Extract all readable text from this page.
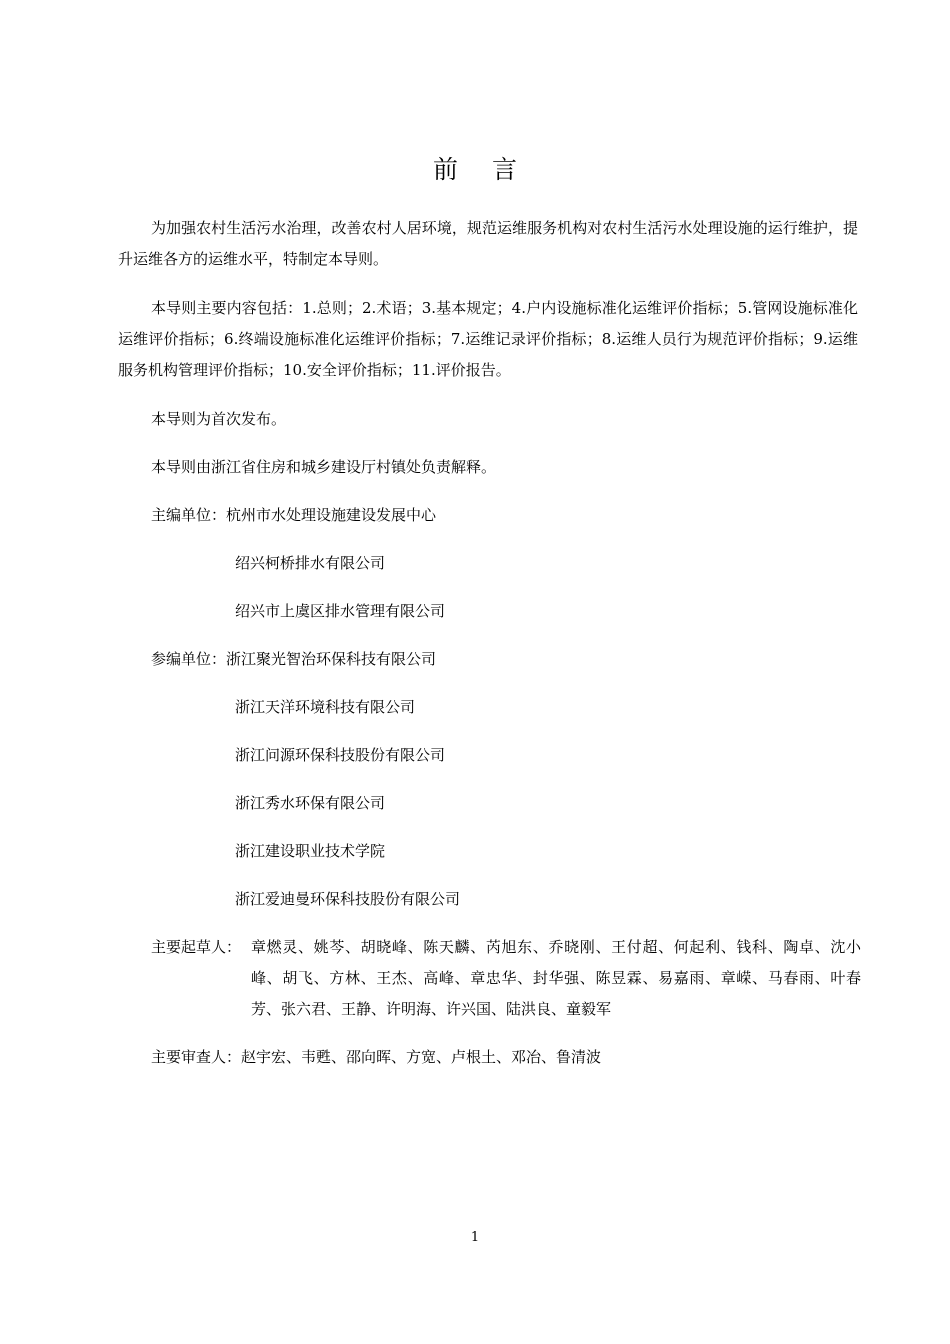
前言
为加强农村生活污水治理，改善农村人居环境，规范运维服务机构对农村生活污水处理设施的运行维护，提升运维各方的运维水平，特制定本导则。
本导则主要内容包括：1.总则；2.术语；3.基本规定；4.户内设施标准化运维评价指标；5.管网设施标准化运维评价指标；6.终端设施标准化运维评价指标；7.运维记录评价指标；8.运维人员行为规范评价指标；9.运维服务机构管理评价指标；10.安全评价指标；11.评价报告。
本导则为首次发布。
本导则由浙江省住房和城乡建设厅村镇处负责解释。
主编单位：杭州市水处理设施建设发展中心
绍兴柯桥排水有限公司
绍兴市上虞区排水管理有限公司
参编单位：浙江聚光智治环保科技有限公司
浙江天洋环境科技有限公司
浙江问源环保科技股份有限公司
浙江秀水环保有限公司
浙江建设职业技术学院
浙江爱迪曼环保科技股份有限公司
主要起草人： 章燃灵、姚芩、胡晓峰、陈天麟、芮旭东、乔晓刚、王付超、何起利、钱科、陶卓、沈小峰、胡飞、方林、王杰、高峰、章忠华、封华强、陈昱霖、易嘉雨、章嵘、马春雨、叶春芳、张六君、王静、许明海、许兴国、陆洪良、童毅军
主要审查人：赵宇宏、韦甦、邵向晖、方宽、卢根土、邓冶、鲁清波
1
